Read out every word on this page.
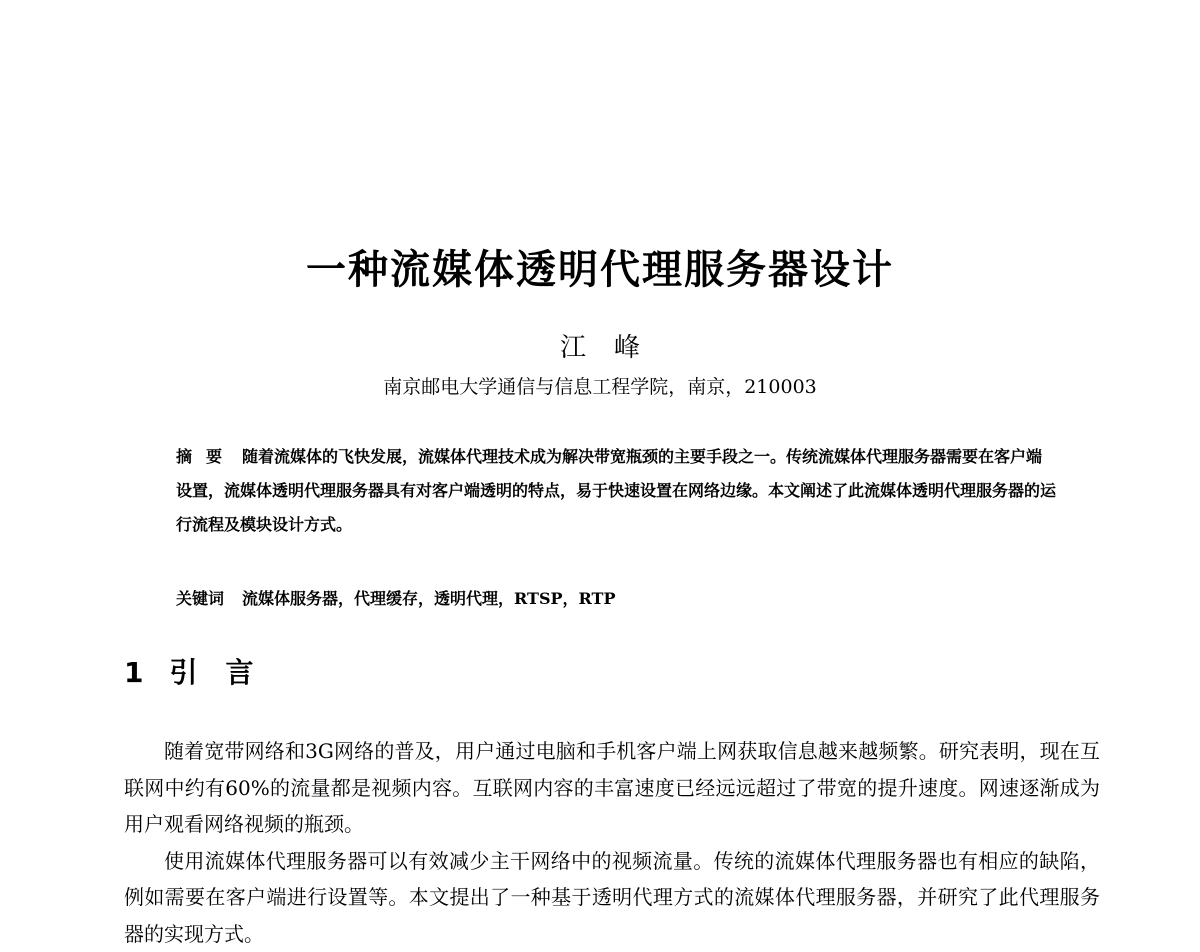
一种流媒体透明代理服务器设计
江峰
南京邮电大学通信与信息工程学院，南京，210003
摘要 随着流媒体的飞快发展，流媒体代理技术成为解决带宽瓶颈的主要手段之一。传统流媒体代理服务器需要在客户端设置，流媒体透明代理服务器具有对客户端透明的特点，易于快速设置在网络边缘。本文阐述了此流媒体透明代理服务器的运行流程及模块设计方式。
关键词 流媒体服务器，代理缓存，透明代理，RTSP，RTP
1 引言

随着宽带网络和3G网络的普及，用户通过电脑和手机客户端上网获取信息越来越频繁。研究表明，现在互联网中约有60%的流量都是视频内容。互联网内容的丰富速度已经远远超过了带宽的提升速度。网速逐渐成为用户观看网络视频的瓶颈。

使用流媒体代理服务器可以有效减少主干网络中的视频流量。传统的流媒体代理服务器也有相应的缺陷，例如需要在客户端进行设置等。本文提出了一种基于透明代理方式的流媒体代理服务器，并研究了此代理服务器的实现方式。
